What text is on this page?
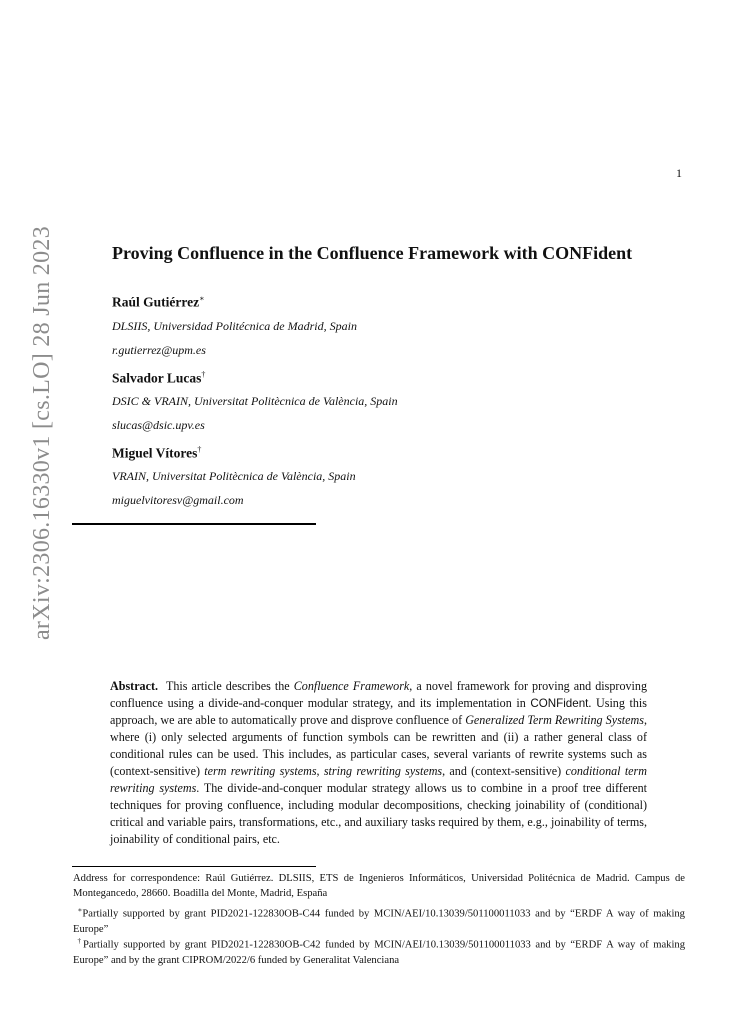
arXiv:2306.16330v1 [cs.LO] 28 Jun 2023
1
Proving Confluence in the Confluence Framework with CONFident
Raúl Gutiérrez∗
DLSIIS, Universidad Politécnica de Madrid, Spain
r.gutierrez@upm.es
Salvador Lucas†
DSIC & VRAIN, Universitat Politècnica de València, Spain
slucas@dsic.upv.es
Miguel Vítores†
VRAIN, Universitat Politècnica de València, Spain
miguelvitoresv@gmail.com
Abstract. This article describes the Confluence Framework, a novel framework for proving and disproving confluence using a divide-and-conquer modular strategy, and its implementation in CONFident. Using this approach, we are able to automatically prove and disprove confluence of Generalized Term Rewriting Systems, where (i) only selected arguments of function symbols can be rewritten and (ii) a rather general class of conditional rules can be used. This includes, as particular cases, several variants of rewrite systems such as (context-sensitive) term rewriting systems, string rewriting systems, and (context-sensitive) conditional term rewriting systems. The divide-and-conquer modular strategy allows us to combine in a proof tree different techniques for proving confluence, including modular decompositions, checking joinability of (conditional) critical and variable pairs, transformations, etc., and auxiliary tasks required by them, e.g., joinability of terms, joinability of conditional pairs, etc.
Address for correspondence: Raúl Gutiérrez. DLSIIS, ETS de Ingenieros Informáticos, Universidad Politécnica de Madrid. Campus de Montegancedo, 28660. Boadilla del Monte, Madrid, España
∗Partially supported by grant PID2021-122830OB-C44 funded by MCIN/AEI/10.13039/501100011033 and by “ERDF A way of making Europe”
†Partially supported by grant PID2021-122830OB-C42 funded by MCIN/AEI/10.13039/501100011033 and by “ERDF A way of making Europe” and by the grant CIPROM/2022/6 funded by Generalitat Valenciana
